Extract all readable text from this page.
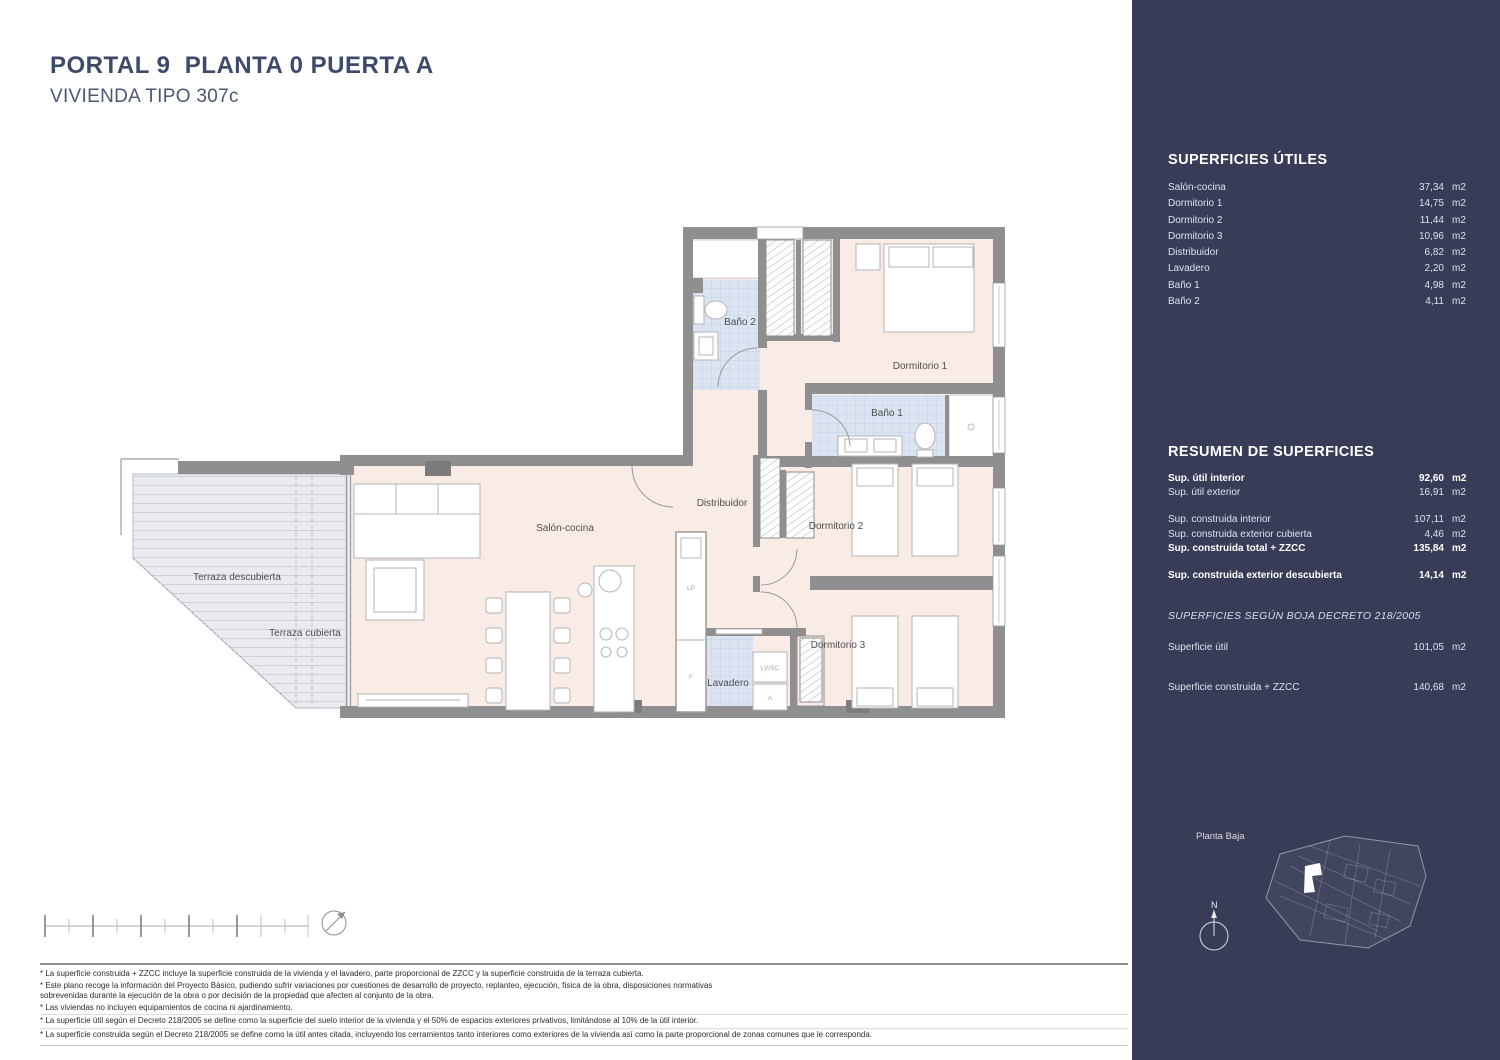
PORTAL 9  PLANTA 0 PUERTA A
VIVIENDA TIPO 307c
Baño 2
Dormitorio 1
Baño 1
Distribuidor
Salón-cocina	Dormitorio 2
Terraza descubierta
Terraza cubierta
Dormitorio 3
Lavadero
LV/SC
A
LP
F
SUPERFICIES ÚTILES
Salón-cocina	37,34 m2
Dormitorio 1	14,75 m2
Dormitorio 2	11,44 m2
Dormitorio 3	10,96 m2
Distribuidor	6,82 m2
Lavadero	2,20 m2
Baño 1	4,98 m2
Baño 2	4,11 m2
RESUMEN DE SUPERFICIES
Sup. útil interior	92,60 m2
Sup. útil exterior	16,91 m2
Sup. construida interior	107,11 m2
Sup. construida exterior cubierta	4,46 m2
Sup. construida total + ZZCC	135,84 m2
Sup. construida exterior descubierta	14,14 m2
SUPERFICIES SEGÚN BOJA DECRETO 218/2005
Superficie útil	101,05 m2
Superficie construida + ZZCC	140,68 m2
Planta Baja
N
* La superficie construida + ZZCC incluye la superficie construida de la vivienda y el lavadero, parte proporcional de ZZCC y la superficie construida de la terraza cubierta.
* Este plano recoge la información del Proyecto Básico, pudiendo sufrir variaciones por cuestiones de desarrollo de proyecto, replanteo, ejecución, física de la obra, disposiciones normativas sobrevenidas durante la ejecución de la obra o por decisión de la propiedad que afecten al conjunto de la obra.
* Las viviendas no incluyen equipamientos de cocina ni ajardinamiento.
* La superficie útil según el Decreto 218/2005 se define como la superficie del suelo interior de la vivienda y el 50% de espacios exteriores privativos, limitándose al 10% de la útil interior.
* La superficie construida según el Decreto 218/2005 se define como la útil antes citada, incluyendo los cerramientos tanto interiores como exteriores de la vivienda así como la parte proporcional de zonas comunes que le corresponda.
